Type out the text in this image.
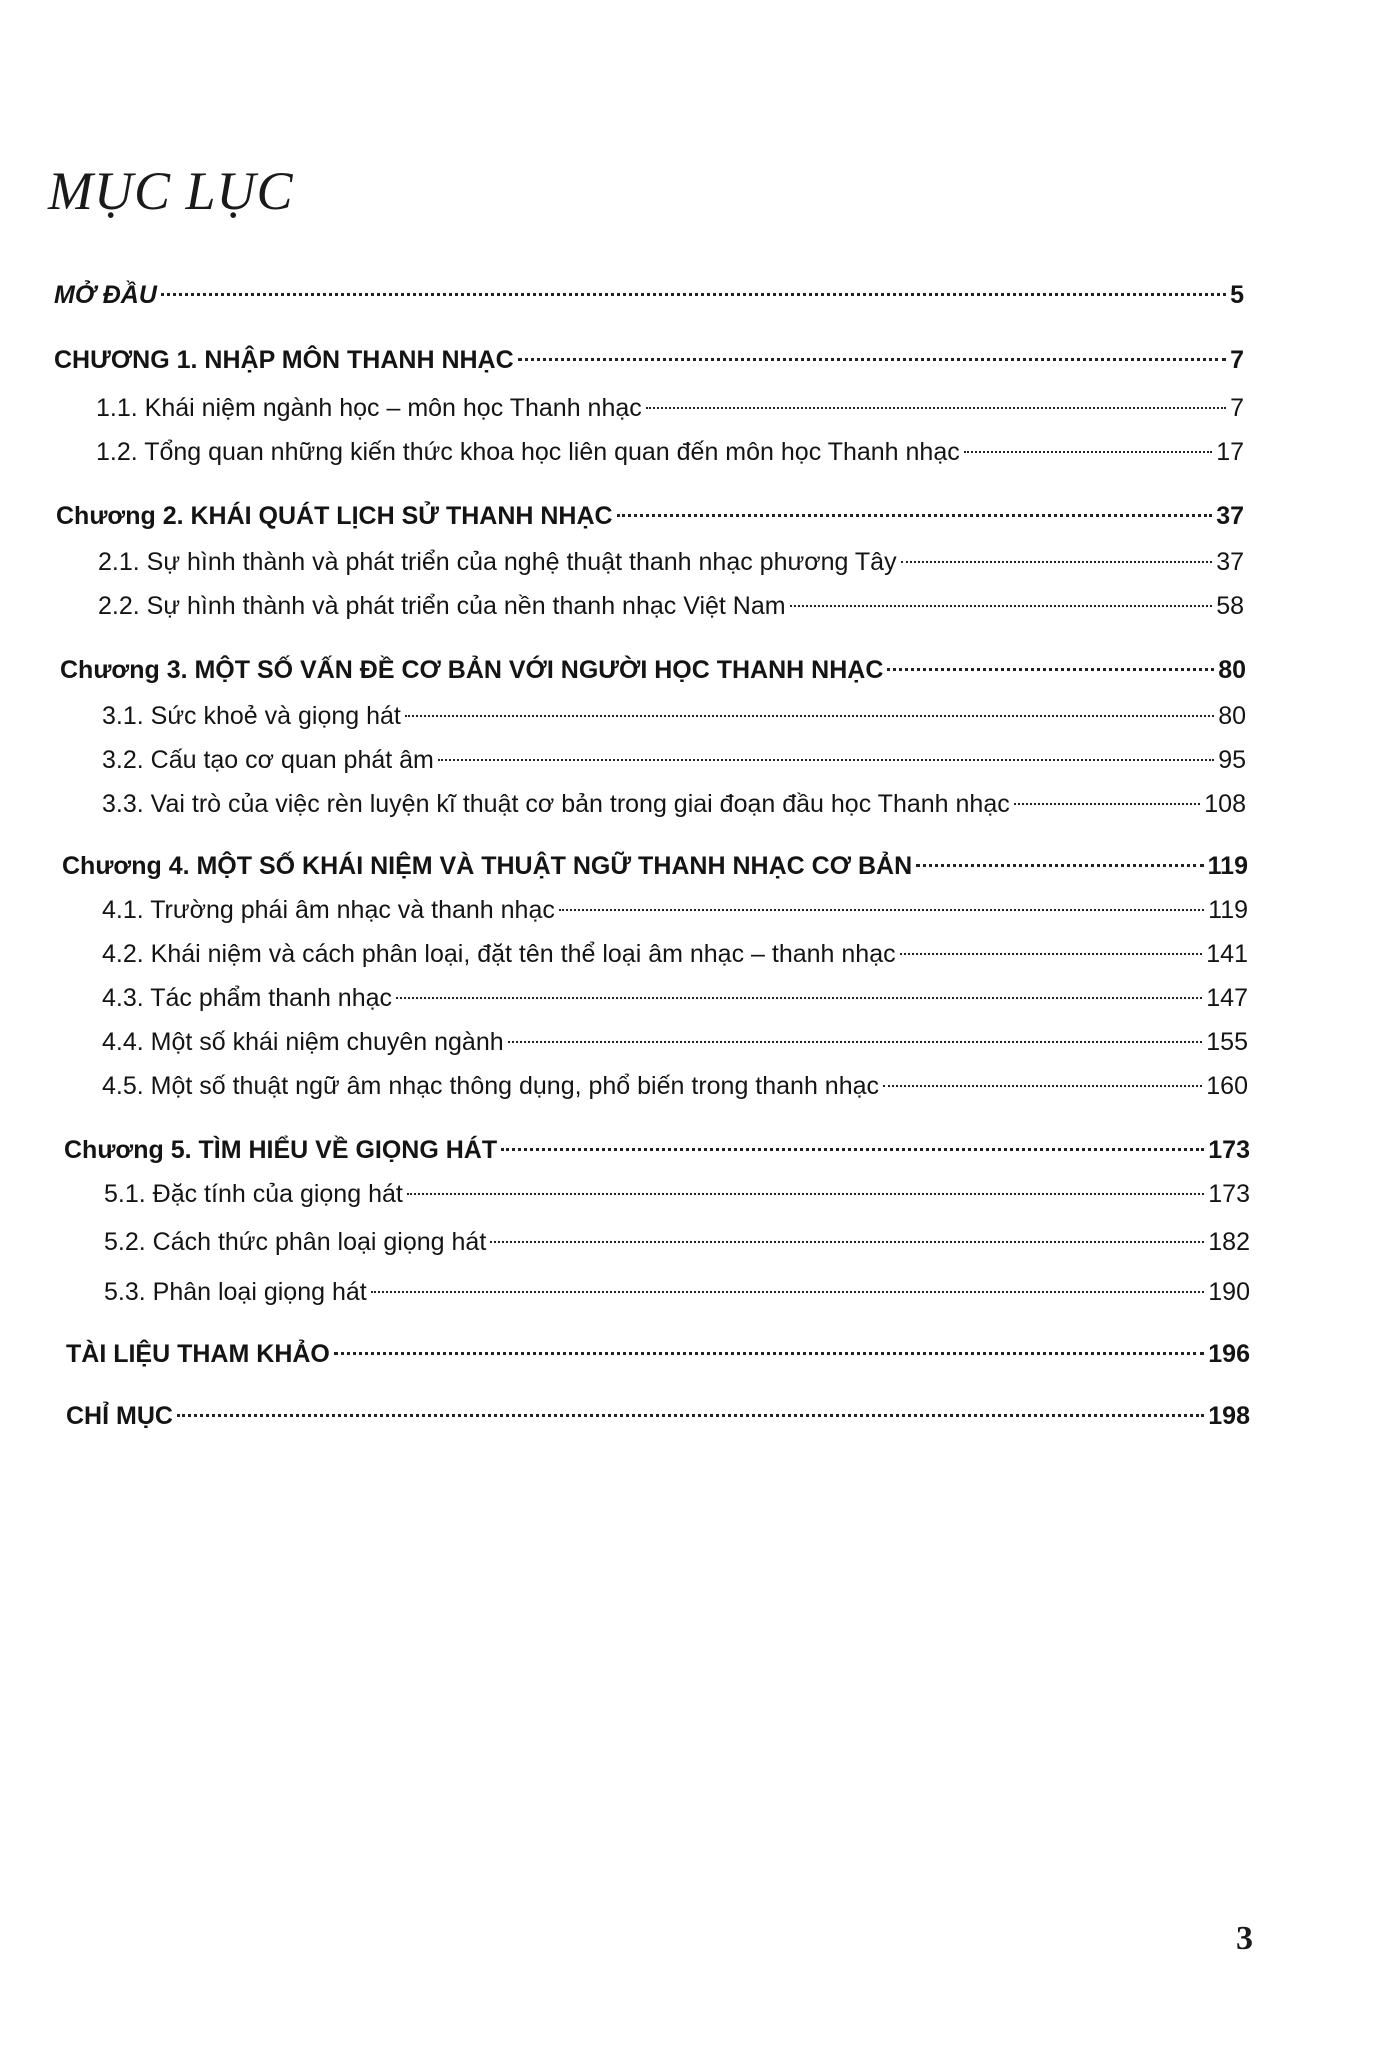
MỤC LỤC
MỞ ĐẦU	5
CHƯƠNG 1. NHẬP MÔN THANH NHẠC	7
1.1. Khái niệm ngành học – môn học Thanh nhạc	7
1.2. Tổng quan những kiến thức khoa học liên quan đến môn học Thanh nhạc	17
Chương 2. KHÁI QUÁT LỊCH SỬ THANH NHẠC	37
2.1. Sự hình thành và phát triển của nghệ thuật thanh nhạc phương Tây	37
2.2. Sự hình thành và phát triển của nền thanh nhạc Việt Nam	58
Chương 3. MỘT SỐ VẤN ĐỀ CƠ BẢN VỚI NGƯỜI HỌC THANH NHẠC	80
3.1. Sức khoẻ và giọng hát	80
3.2. Cấu tạo cơ quan phát âm	95
3.3. Vai trò của việc rèn luyện kĩ thuật cơ bản trong giai đoạn đầu học Thanh nhạc	108
Chương 4. MỘT SỐ KHÁI NIỆM VÀ THUẬT NGỮ THANH NHẠC CƠ BẢN	119
4.1. Trường phái âm nhạc và thanh nhạc	119
4.2. Khái niệm và cách phân loại, đặt tên thể loại âm nhạc – thanh nhạc	141
4.3. Tác phẩm thanh nhạc	147
4.4. Một số khái niệm chuyên ngành	155
4.5. Một số thuật ngữ âm nhạc thông dụng, phổ biến trong thanh nhạc	160
Chương 5. TÌM HIỂU VỀ GIỌNG HÁT	173
5.1. Đặc tính của giọng hát	173
5.2. Cách thức phân loại giọng hát	182
5.3. Phân loại giọng hát	190
TÀI LIỆU THAM KHẢO	196
CHỈ MỤC	198
3
